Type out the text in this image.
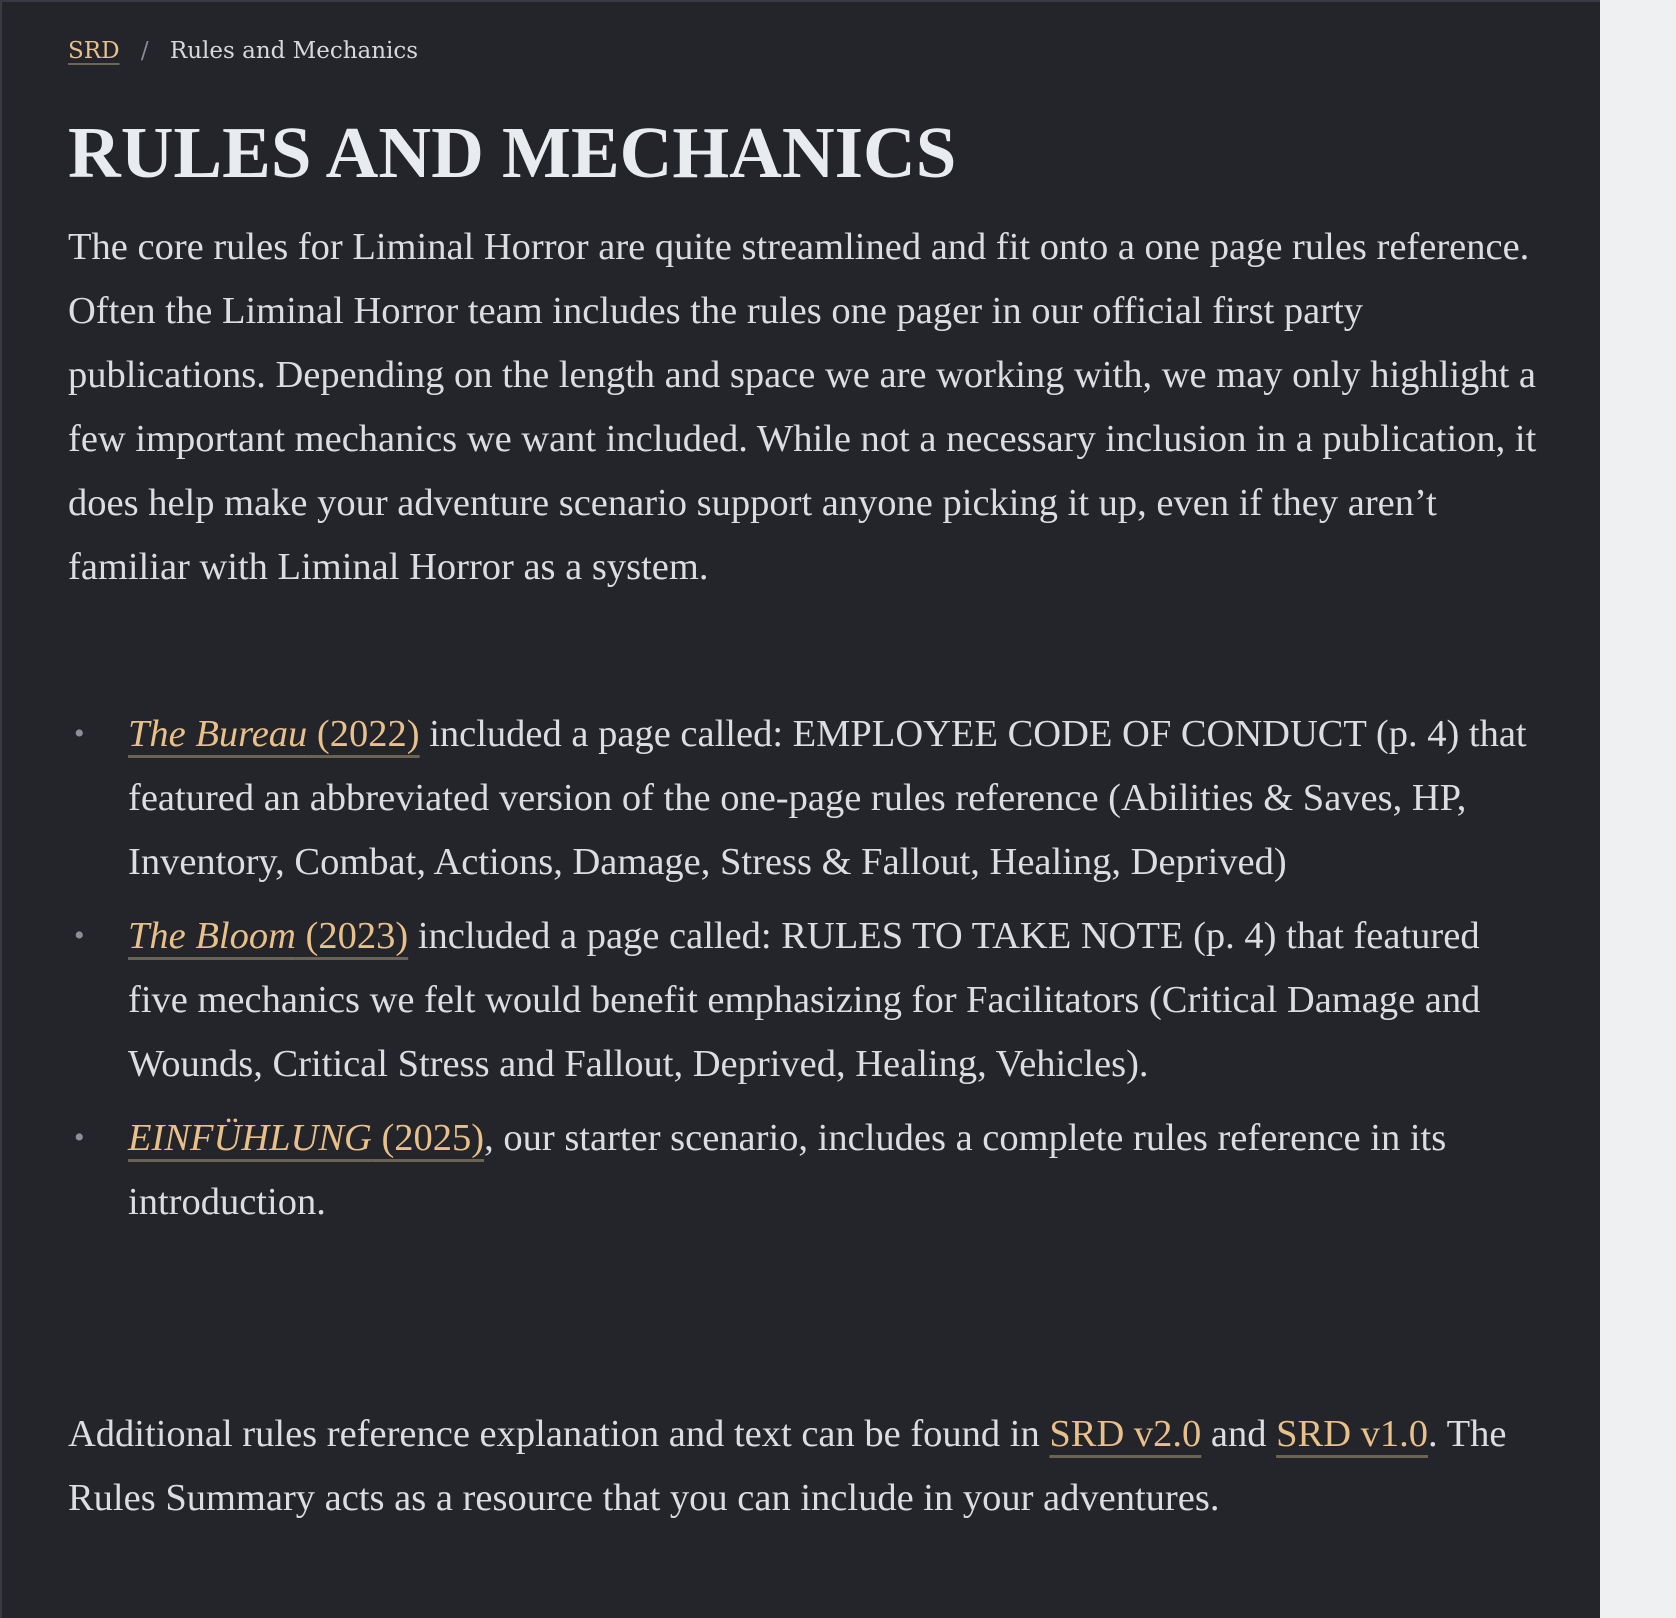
SRD / Rules and Mechanics
RULES AND MECHANICS

The core rules for Liminal Horror are quite streamlined and fit onto a one page rules reference. Often the Liminal Horror team includes the rules one pager in our official first party publications. Depending on the length and space we are working with, we may only highlight a few important mechanics we want included. While not a necessary inclusion in a publication, it does help make your adventure scenario support anyone picking it up, even if they aren’t familiar with Liminal Horror as a system.

• The Bureau (2022) included a page called: EMPLOYEE CODE OF CONDUCT (p. 4) that featured an abbreviated version of the one-page rules reference (Abilities & Saves, HP, Inventory, Combat, Actions, Damage, Stress & Fallout, Healing, Deprived)
• The Bloom (2023) included a page called: RULES TO TAKE NOTE (p. 4) that featured five mechanics we felt would benefit emphasizing for Facilitators (Critical Damage and Wounds, Critical Stress and Fallout, Deprived, Healing, Vehicles).
• EINFÜHLUNG (2025), our starter scenario, includes a complete rules reference in its introduction.

Additional rules reference explanation and text can be found in SRD v2.0 and SRD v1.0. The Rules Summary acts as a resource that you can include in your adventures.
